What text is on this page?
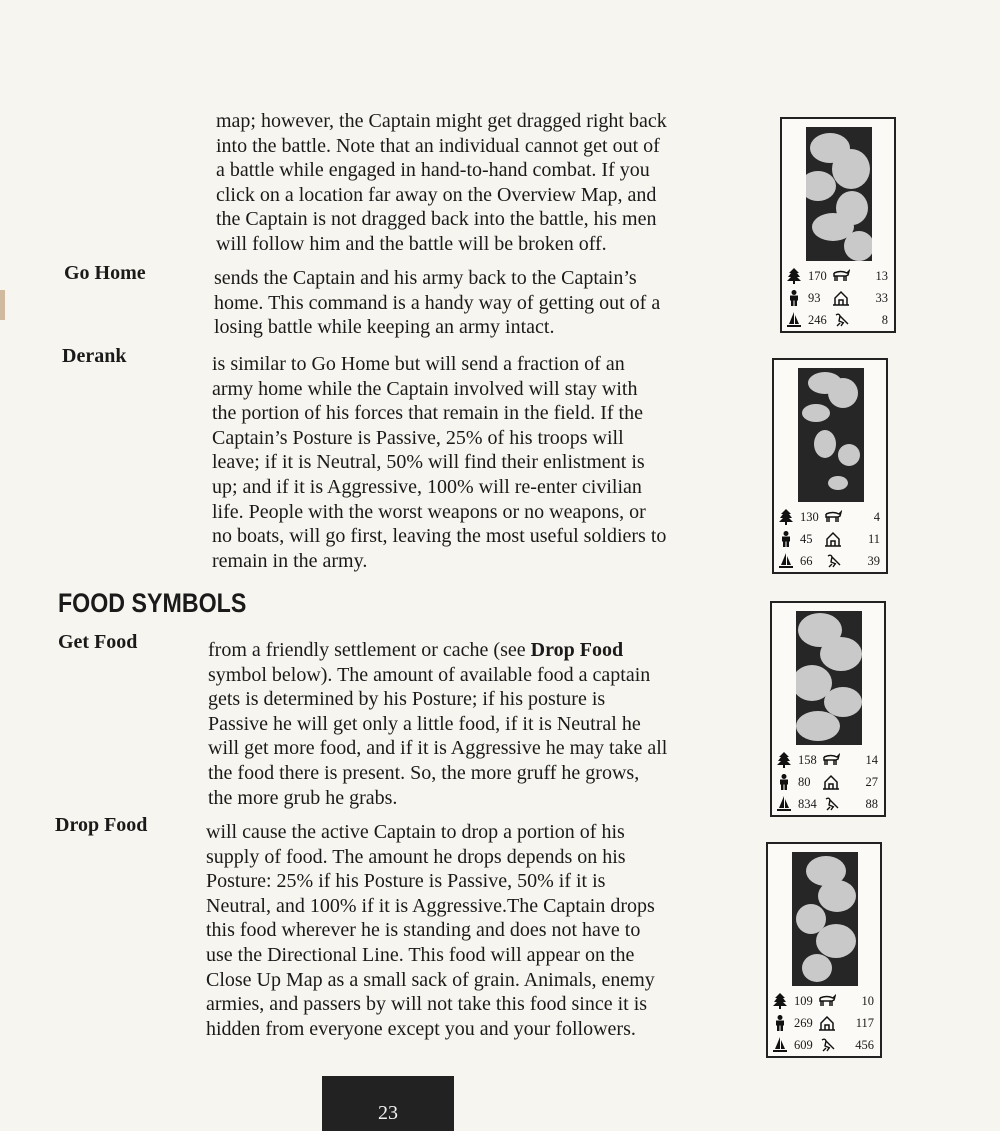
map; however, the Captain might get dragged right back
into the battle. Note that an individual cannot get out of
a battle while engaged in hand-to-hand combat. If you
click on a location far away on the Overview Map, and
the Captain is not dragged back into the battle, his men
will follow him and the battle will be broken off.
Go Home	sends the Captain and his army back to the Captain’s
home. This command is a handy way of getting out of a
losing battle while keeping an army intact.
Derank	is similar to Go Home but will send a fraction of an
army home while the Captain involved will stay with
the portion of his forces that remain in the field. If the
Captain’s Posture is Passive, 25% of his troops will
leave; if it is Neutral, 50% will find their enlistment is
up; and if it is Aggressive, 100% will re-enter civilian
life. People with the worst weapons or no weapons, or
no boats, will go first, leaving the most useful soldiers to
remain in the army.
FOOD SYMBOLS
Get Food	from a friendly settlement or cache (see Drop Food
symbol below). The amount of available food a captain
gets is determined by his Posture; if his posture is
Passive he will get only a little food, if it is Neutral he
will get more food, and if it is Aggressive he may take all
the food there is present. So, the more gruff he grows,
the more grub he grabs.
Drop Food	will cause the active Captain to drop a portion of his
supply of food. The amount he drops depends on his
Posture: 25% if his Posture is Passive, 50% if it is
Neutral, and 100% if it is Aggressive.The Captain drops
this food wherever he is standing and does not have to
use the Directional Line. This food will appear on the
Close Up Map as a small sack of grain. Animals, enemy
armies, and passers by will not take this food since it is
hidden from everyone except you and your followers.
170	13
93	33
246	8
130	4
45	11
66	39
158	14
80	27
834	88
109	10
269	117
609	456
23
